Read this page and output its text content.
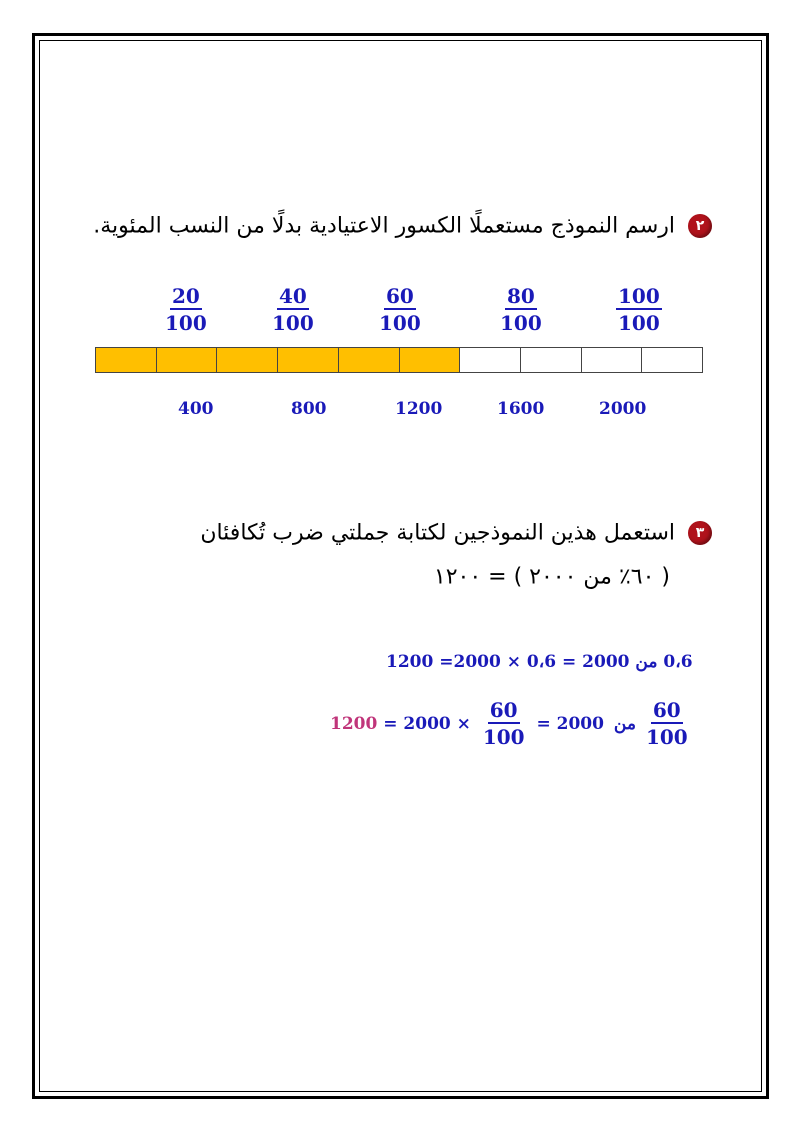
٢ ارسم النموذج مستعملًا الكسور الاعتيادية بدلًا من النسب المئوية.
$\frac{20}{100}$	$\frac{40}{100}$	$\frac{60}{100}$	$\frac{80}{100}$	$\frac{100}{100}$
400	800	1200	1600	2000
٣ استعمل هذين النموذجين لكتابة جملتي ضرب تُكافئان
( ٦٠٪ من ٢٠٠٠ ) = ١٢٠٠
0،6 من 2000 = 0،6 × 2000= 1200
$1200 = 2000 \times \frac{60}{100} = 2000$ من $\frac{60}{100}$
